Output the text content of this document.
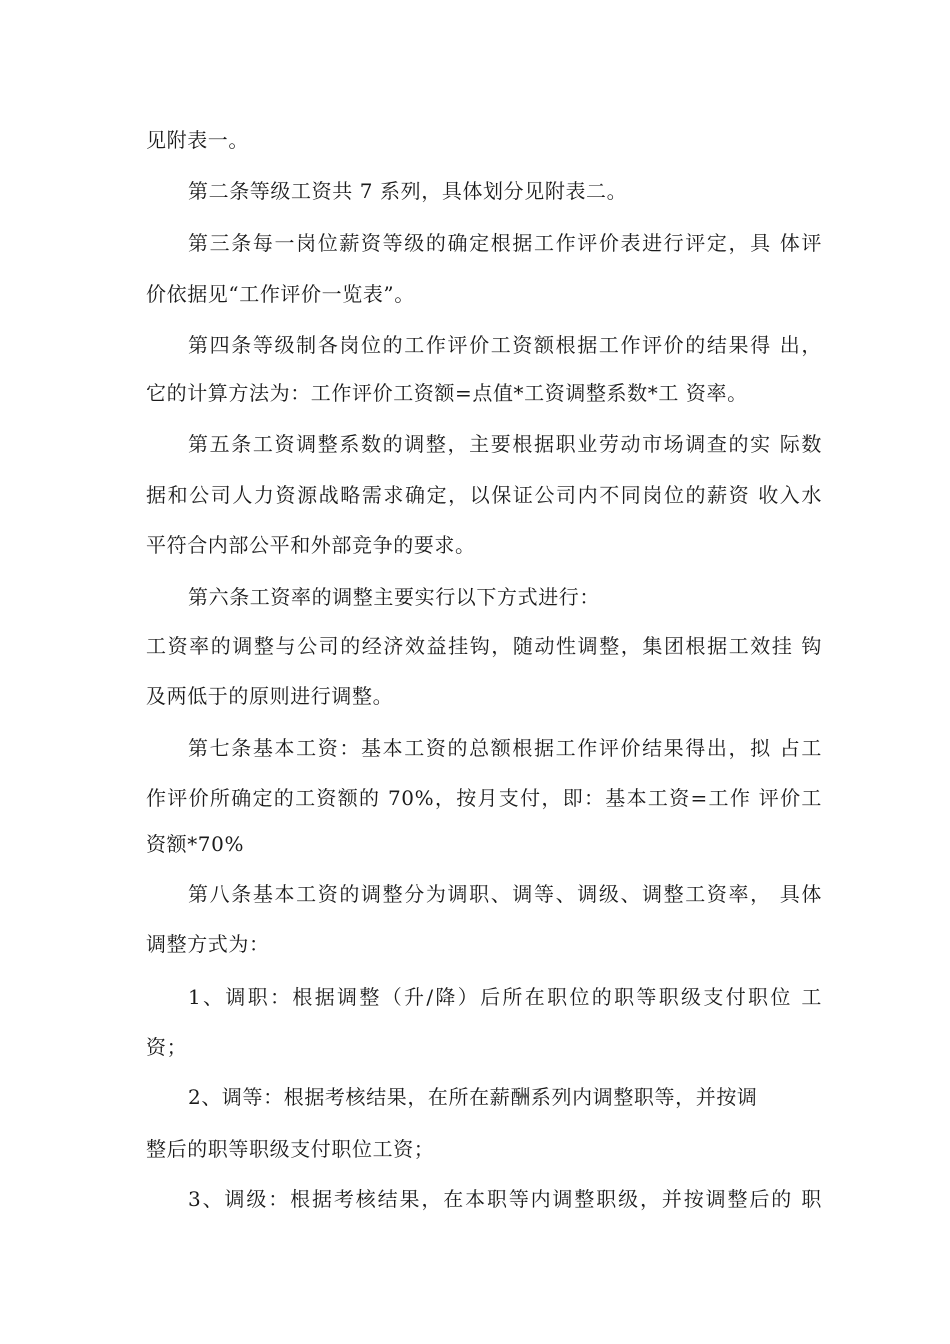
见附表一。
第二条等级工资共 7 系列，具体划分见附表二。
第三条每一岗位薪资等级的确定根据工作评价表进行评定，具 体评
价依据见“工作评价一览表”。
第四条等级制各岗位的工作评价工资额根据工作评价的结果得 出，
它的计算方法为：工作评价工资额=点值*工资调整系数*工 资率。
第五条工资调整系数的调整，主要根据职业劳动市场调查的实 际数
据和公司人力资源战略需求确定，以保证公司内不同岗位的薪资 收入水
平符合内部公平和外部竞争的要求。
第六条工资率的调整主要实行以下方式进行：
工资率的调整与公司的经济效益挂钩，随动性调整，集团根据工效挂 钩
及两低于的原则进行调整。
第七条基本工资：基本工资的总额根据工作评价结果得出，拟 占工
作评价所确定的工资额的 70%，按月支付，即：基本工资=工作 评价工
资额*70%
第八条基本工资的调整分为调职、调等、调级、调整工资率， 具体
调整方式为：
1、调职：根据调整（升/降）后所在职位的职等职级支付职位 工
资；
2、调等：根据考核结果，在所在薪酬系列内调整职等，并按调
整后的职等职级支付职位工资；
3、调级：根据考核结果，在本职等内调整职级，并按调整后的 职
